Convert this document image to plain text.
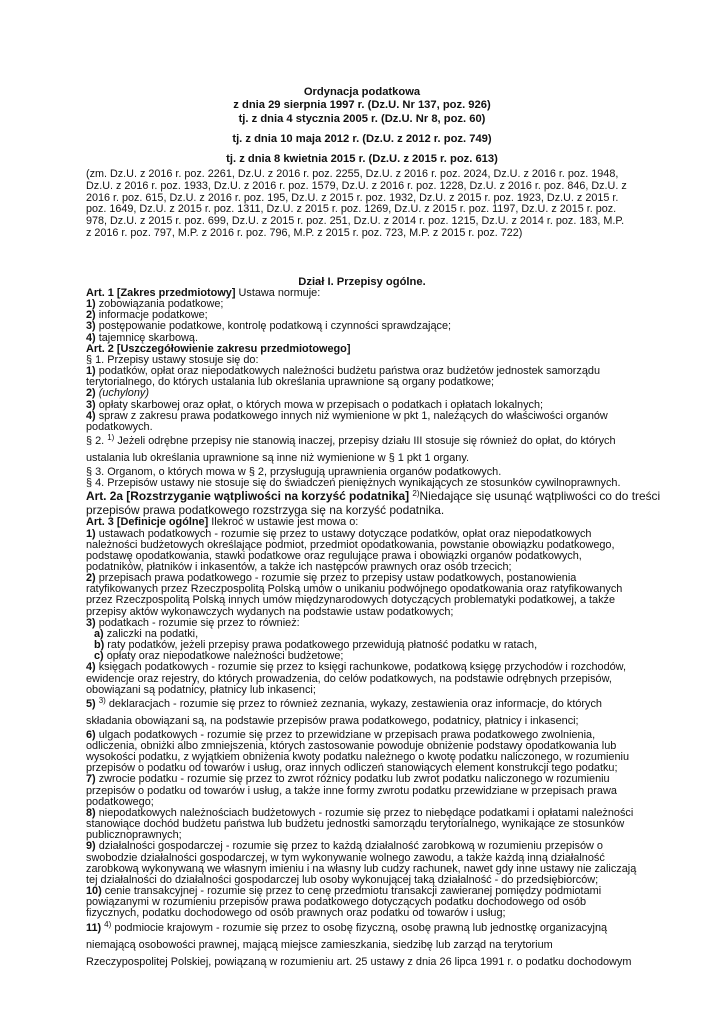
Ordynacja podatkowa
z dnia 29 sierpnia 1997 r. (Dz.U. Nr 137, poz. 926)
tj. z dnia 4 stycznia 2005 r. (Dz.U. Nr 8, poz. 60)
tj. z dnia 10 maja 2012 r. (Dz.U. z 2012 r. poz. 749)
tj. z dnia 8 kwietnia 2015 r. (Dz.U. z 2015 r. poz. 613)
(zm. Dz.U. z 2016 r. poz. 2261, Dz.U. z 2016 r. poz. 2255, Dz.U. z 2016 r. poz. 2024, Dz.U. z 2016 r. poz. 1948,
Dz.U. z 2016 r. poz. 1933, Dz.U. z 2016 r. poz. 1579, Dz.U. z 2016 r. poz. 1228, Dz.U. z 2016 r. poz. 846, Dz.U. z
2016 r. poz. 615, Dz.U. z 2016 r. poz. 195, Dz.U. z 2015 r. poz. 1932, Dz.U. z 2015 r. poz. 1923, Dz.U. z 2015 r.
poz. 1649, Dz.U. z 2015 r. poz. 1311, Dz.U. z 2015 r. poz. 1269, Dz.U. z 2015 r. poz. 1197, Dz.U. z 2015 r. poz.
978, Dz.U. z 2015 r. poz. 699, Dz.U. z 2015 r. poz. 251, Dz.U. z 2014 r. poz. 1215, Dz.U. z 2014 r. poz. 183, M.P.
z 2016 r. poz. 797, M.P. z 2016 r. poz. 796, M.P. z 2015 r. poz. 723, M.P. z 2015 r. poz. 722)
Dział I. Przepisy ogólne.
Art. 1 [Zakres przedmiotowy] Ustawa normuje:
1) zobowiązania podatkowe;
2) informacje podatkowe;
3) postępowanie podatkowe, kontrolę podatkową i czynności sprawdzające;
4) tajemnicę skarbową.
Art. 2 [Uszczegółowienie zakresu przedmiotowego]
§ 1. Przepisy ustawy stosuje się do:
1) podatków, opłat oraz niepodatkowych należności budżetu państwa oraz budżetów jednostek samorządu
terytorialnego, do których ustalania lub określania uprawnione są organy podatkowe;
2) (uchylony)
3) opłaty skarbowej oraz opłat, o których mowa w przepisach o podatkach i opłatach lokalnych;
4) spraw z zakresu prawa podatkowego innych niż wymienione w pkt 1, należących do właściwości organów
podatkowych.
§ 2. $^{1)}$ Jeżeli odrębne przepisy nie stanowią inaczej, przepisy działu III stosuje się również do opłat, do których
ustalania lub określania uprawnione są inne niż wymienione w § 1 pkt 1 organy.
§ 3. Organom, o których mowa w § 2, przysługują uprawnienia organów podatkowych.
§ 4. Przepisów ustawy nie stosuje się do świadczeń pieniężnych wynikających ze stosunków cywilnoprawnych.
Art. 2a [Rozstrzyganie wątpliwości na korzyść podatnika] $^{2)}$Niedające się usunąć wątpliwości co do treści
przepisów prawa podatkowego rozstrzyga się na korzyść podatnika.
Art. 3 [Definicje ogólne] Ilekroć w ustawie jest mowa o:
1) ustawach podatkowych - rozumie się przez to ustawy dotyczące podatków, opłat oraz niepodatkowych
należności budżetowych określające podmiot, przedmiot opodatkowania, powstanie obowiązku podatkowego,
podstawę opodatkowania, stawki podatkowe oraz regulujące prawa i obowiązki organów podatkowych,
podatników, płatników i inkasentów, a także ich następców prawnych oraz osób trzecich;
2) przepisach prawa podatkowego - rozumie się przez to przepisy ustaw podatkowych, postanowienia
ratyfikowanych przez Rzeczpospolitą Polską umów o unikaniu podwójnego opodatkowania oraz ratyfikowanych
przez Rzeczpospolitą Polską innych umów międzynarodowych dotyczących problematyki podatkowej, a także
przepisy aktów wykonawczych wydanych na podstawie ustaw podatkowych;
3) podatkach - rozumie się przez to również:
a) zaliczki na podatki,
b) raty podatków, jeżeli przepisy prawa podatkowego przewidują płatność podatku w ratach,
c) opłaty oraz niepodatkowe należności budżetowe;
4) księgach podatkowych - rozumie się przez to księgi rachunkowe, podatkową księgę przychodów i rozchodów,
ewidencje oraz rejestry, do których prowadzenia, do celów podatkowych, na podstawie odrębnych przepisów,
obowiązani są podatnicy, płatnicy lub inkasenci;
5) $^{3)}$ deklaracjach - rozumie się przez to również zeznania, wykazy, zestawienia oraz informacje, do których
składania obowiązani są, na podstawie przepisów prawa podatkowego, podatnicy, płatnicy i inkasenci;
6) ulgach podatkowych - rozumie się przez to przewidziane w przepisach prawa podatkowego zwolnienia,
odliczenia, obniżki albo zmniejszenia, których zastosowanie powoduje obniżenie podstawy opodatkowania lub
wysokości podatku, z wyjątkiem obniżenia kwoty podatku należnego o kwotę podatku naliczonego, w rozumieniu
przepisów o podatku od towarów i usług, oraz innych odliczeń stanowiących element konstrukcji tego podatku;
7) zwrocie podatku - rozumie się przez to zwrot różnicy podatku lub zwrot podatku naliczonego w rozumieniu
przepisów o podatku od towarów i usług, a także inne formy zwrotu podatku przewidziane w przepisach prawa
podatkowego;
8) niepodatkowych należnościach budżetowych - rozumie się przez to niebędące podatkami i opłatami należności
stanowiące dochód budżetu państwa lub budżetu jednostki samorządu terytorialnego, wynikające ze stosunków
publicznoprawnych;
9) działalności gospodarczej - rozumie się przez to każdą działalność zarobkową w rozumieniu przepisów o
swobodzie działalności gospodarczej, w tym wykonywanie wolnego zawodu, a także każdą inną działalność
zarobkową wykonywaną we własnym imieniu i na własny lub cudzy rachunek, nawet gdy inne ustawy nie zaliczają
tej działalności do działalności gospodarczej lub osoby wykonującej taką działalność - do przedsiębiorców;
10) cenie transakcyjnej - rozumie się przez to cenę przedmiotu transakcji zawieranej pomiędzy podmiotami
powiązanymi w rozumieniu przepisów prawa podatkowego dotyczących podatku dochodowego od osób
fizycznych, podatku dochodowego od osób prawnych oraz podatku od towarów i usług;
11) $^{4)}$ podmiocie krajowym - rozumie się przez to osobę fizyczną, osobę prawną lub jednostkę organizacyjną
niemającą osobowości prawnej, mającą miejsce zamieszkania, siedzibę lub zarząd na terytorium
Rzeczypospolitej Polskiej, powiązaną w rozumieniu art. 25 ustawy z dnia 26 lipca 1991 r. o podatku dochodowym
